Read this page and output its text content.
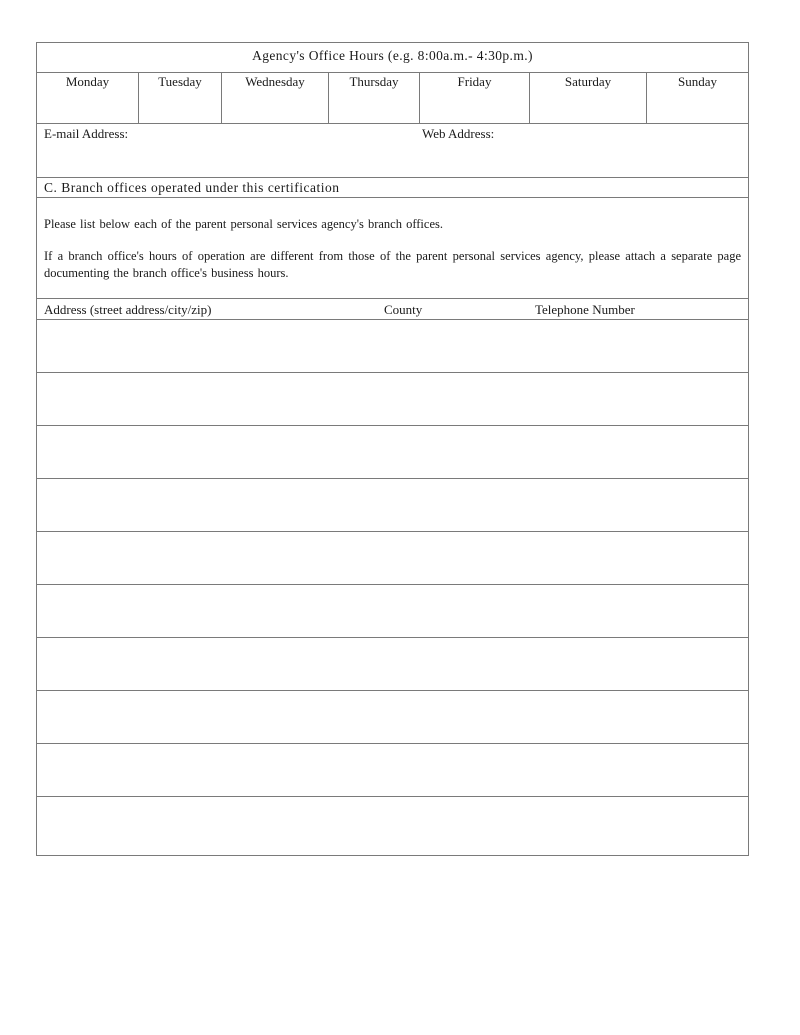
Agency's Office Hours (e.g. 8:00a.m.- 4:30p.m.)
Monday	Tuesday	Wednesday	Thursday	Friday	Saturday	Sunday
E-mail Address:	Web Address:
C. Branch offices operated under this certification

Please list below each of the parent personal services agency's branch offices.

If a branch office's hours of operation are different from those of the parent personal services agency, please attach a separate page documenting the branch office's business hours.

Address (street address/city/zip)	County	Telephone Number
